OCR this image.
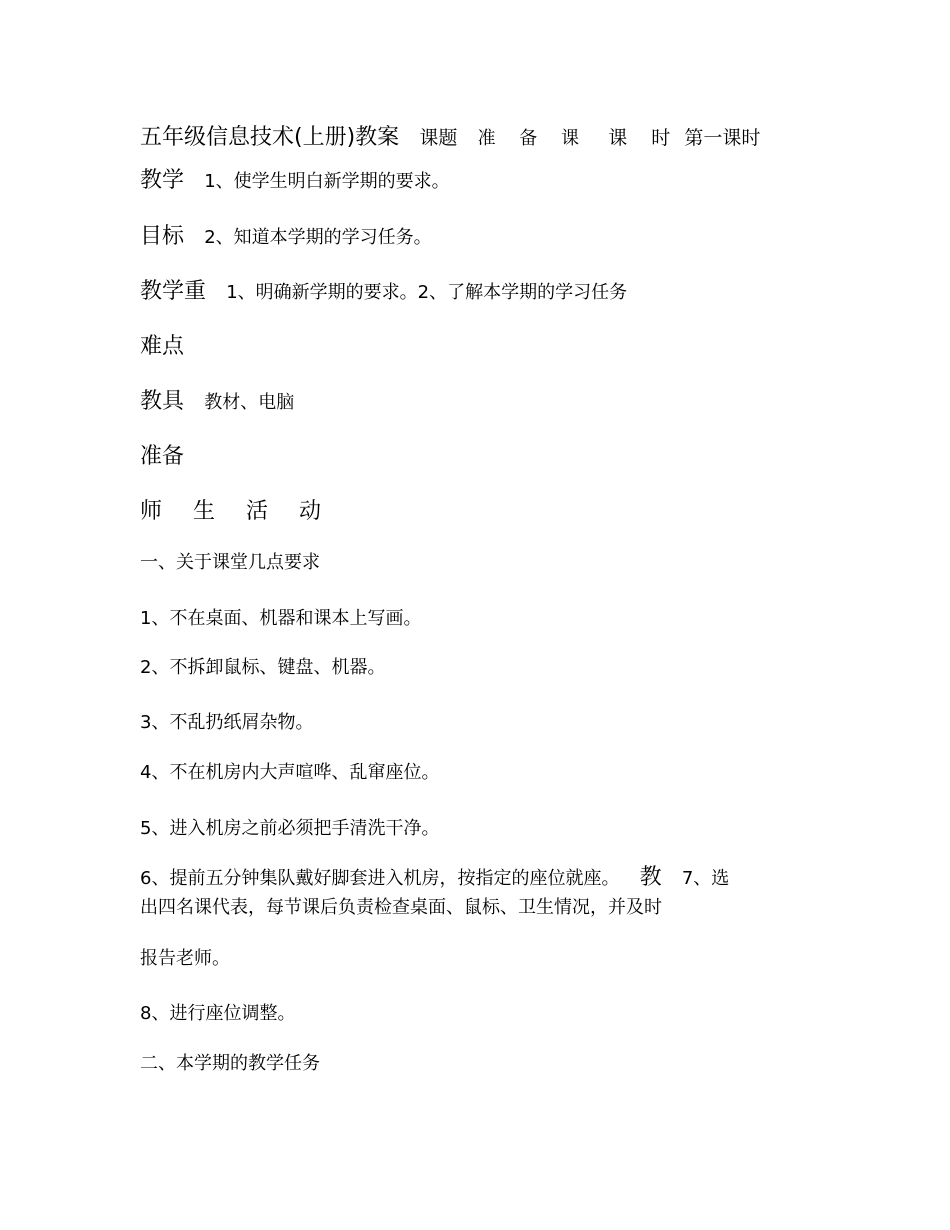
五年级信息技术(上册)教案 课题 准 备 课 课 时 第一课时
教学 1、使学生明白新学期的要求。
目标 2、知道本学期的学习任务。
教学重 1、明确新学期的要求。2、了解本学期的学习任务
难点
教具 教材、电脑
准备
师 生 活 动
一、关于课堂几点要求
1、不在桌面、机器和课本上写画。
2、不拆卸鼠标、键盘、机器。
3、不乱扔纸屑杂物。
4、不在机房内大声喧哗、乱窜座位。
5、进入机房之前必须把手清洗干净。
6、提前五分钟集队戴好脚套进入机房，按指定的座位就座。 教 7、选
出四名课代表，每节课后负责检查桌面、鼠标、卫生情况，并及时
报告老师。
8、进行座位调整。
二、本学期的教学任务
